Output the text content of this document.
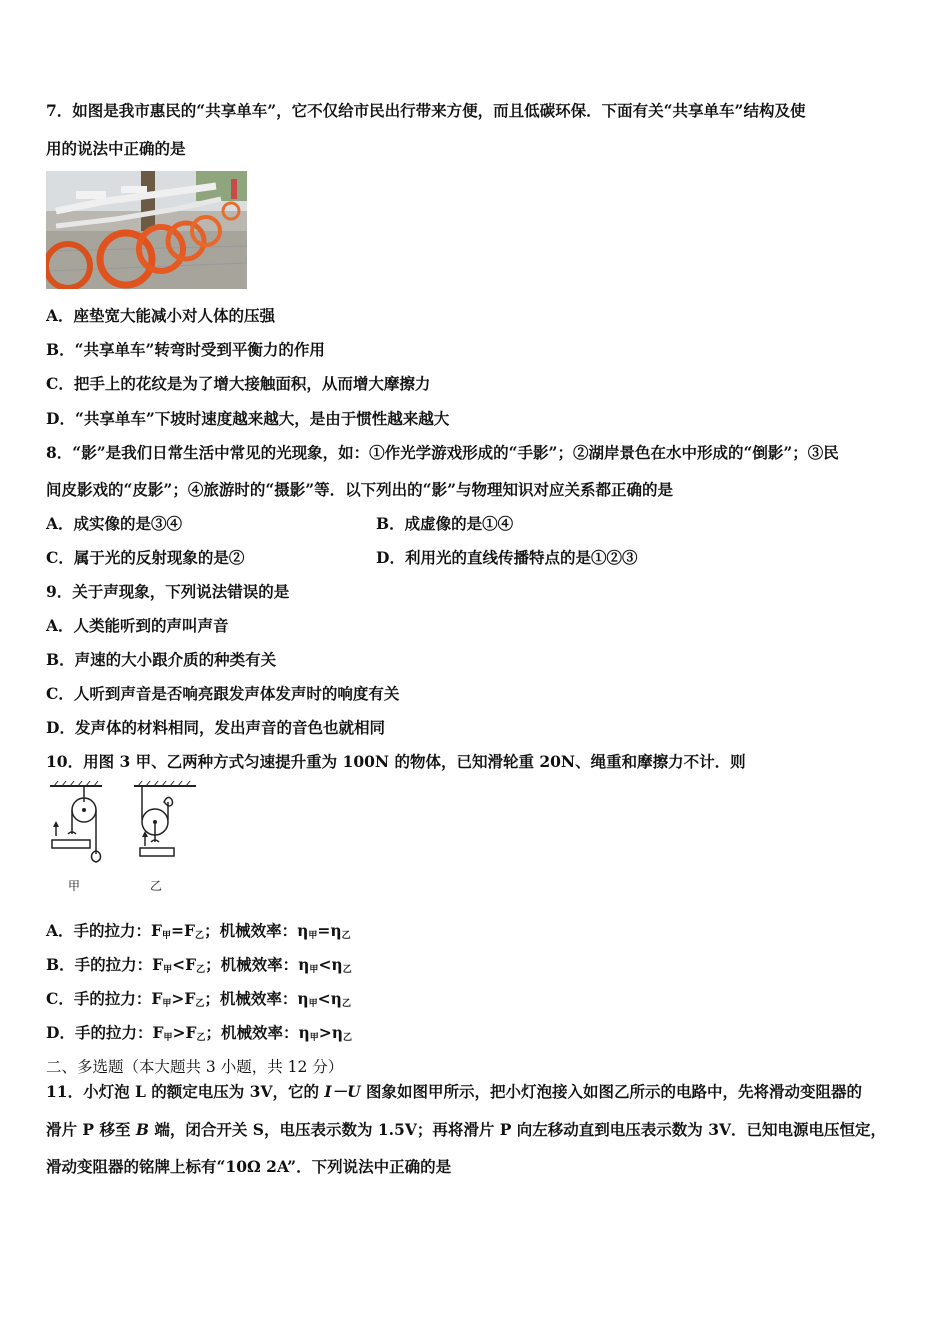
7．如图是我市惠民的“共享单车”，它不仅给市民出行带来方便，而且低碳环保．下面有关“共享单车”结构及使
用的说法中正确的是
A．座垫宽大能减小对人体的压强
B．“共享单车”转弯时受到平衡力的作用
C．把手上的花纹是为了增大接触面积，从而增大摩擦力
D．“共享单车”下坡时速度越来越大，是由于惯性越来越大
8．“影”是我们日常生活中常见的光现象，如：①作光学游戏形成的“手影”；②湖岸景色在水中形成的“倒影”；③民
间皮影戏的“皮影”；④旅游时的“摄影”等．以下列出的“影”与物理知识对应关系都正确的是
A．成实像的是③④	B．成虚像的是①④
C．属于光的反射现象的是②	D．利用光的直线传播特点的是①②③
9．关于声现象，下列说法错误的是
A．人类能听到的声叫声音
B．声速的大小跟介质的种类有关
C．人听到声音是否响亮跟发声体发声时的响度有关
D．发声体的材料相同，发出声音的音色也就相同
10．用图 3 甲、乙两种方式匀速提升重为 100N 的物体，已知滑轮重 20N、绳重和摩擦力不计．则
甲	乙
A．手的拉力：$F_甲=F_乙$；机械效率：$\eta_甲=\eta_乙$
B．手的拉力：$F_甲<F_乙$；机械效率：$\eta_甲<\eta_乙$
C．手的拉力：$F_甲>F_乙$；机械效率：$\eta_甲<\eta_乙$
D．手的拉力：$F_甲>F_乙$；机械效率：$\eta_甲>\eta_乙$
二、多选题（本大题共 3 小题，共 12 分）
11．小灯泡 L 的额定电压为 3V，它的 I－U 图象如图甲所示，把小灯泡接入如图乙所示的电路中，先将滑动变阻器的
滑片 P 移至 B 端，闭合开关 S，电压表示数为 1.5V；再将滑片 P 向左移动直到电压表示数为 3V．已知电源电压恒定，
滑动变阻器的铭牌上标有“10Ω 2A”．下列说法中正确的是
